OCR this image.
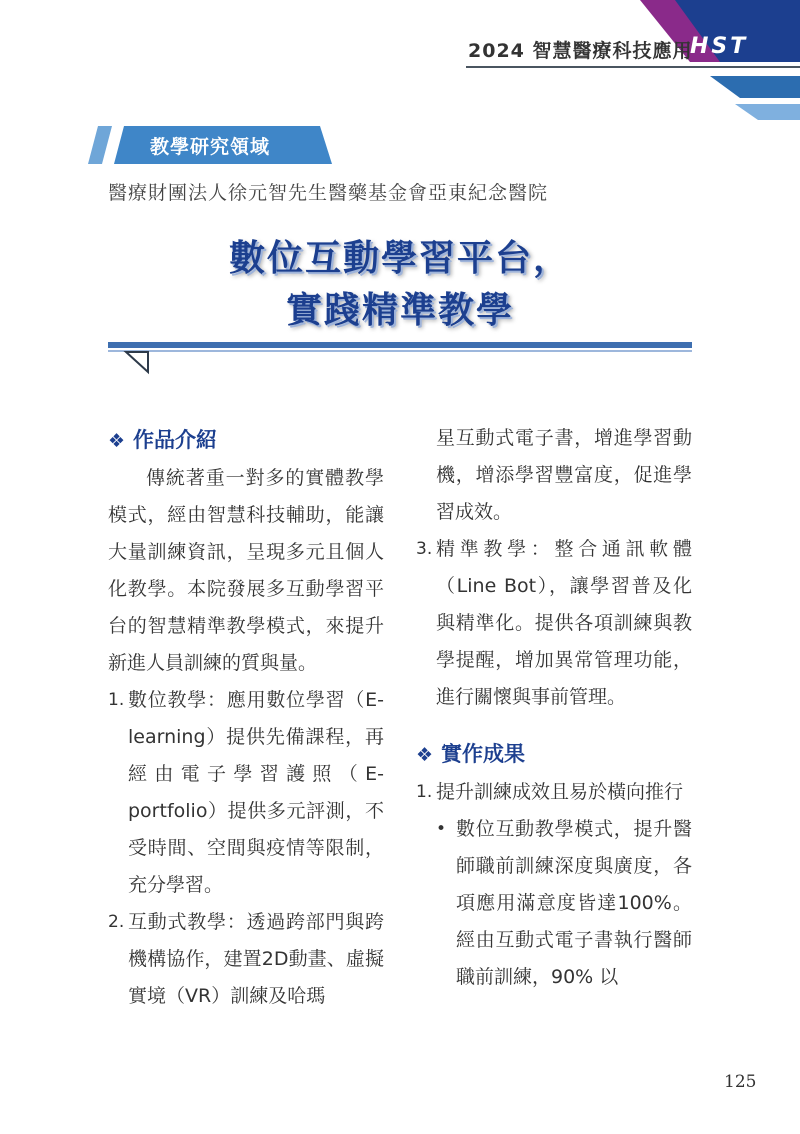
2024 智慧醫療科技應用
HST
教學研究領域
醫療財團法人徐元智先生醫藥基金會亞東紀念醫院
數位互動學習平台，
實踐精準教學
❖ 作品介紹

傳統著重一對多的實體教學模式，經由智慧科技輔助，能讓大量訓練資訊，呈現多元且個人化教學。本院發展多互動學習平台的智慧精準教學模式，來提升新進人員訓練的質與量。

1. 數位教學：應用數位學習（E-learning）提供先備課程，再經由電子學習護照（E-portfolio）提供多元評測，不受時間、空間與疫情等限制，充分學習。
2. 互動式教學：透過跨部門與跨機構協作，建置2D動畫、虛擬實境（VR）訓練及哈瑪
星互動式電子書，增進學習動機，增添學習豐富度，促進學習成效。
3. 精準教學：整合通訊軟體（Line Bot），讓學習普及化與精準化。提供各項訓練與教學提醒，增加異常管理功能，進行關懷與事前管理。
❖ 實作成果
1. 提升訓練成效且易於橫向推行
• 數位互動教學模式，提升醫師職前訓練深度與廣度，各項應用滿意度皆達100%。經由互動式電子書執行醫師職前訓練，90% 以
125
